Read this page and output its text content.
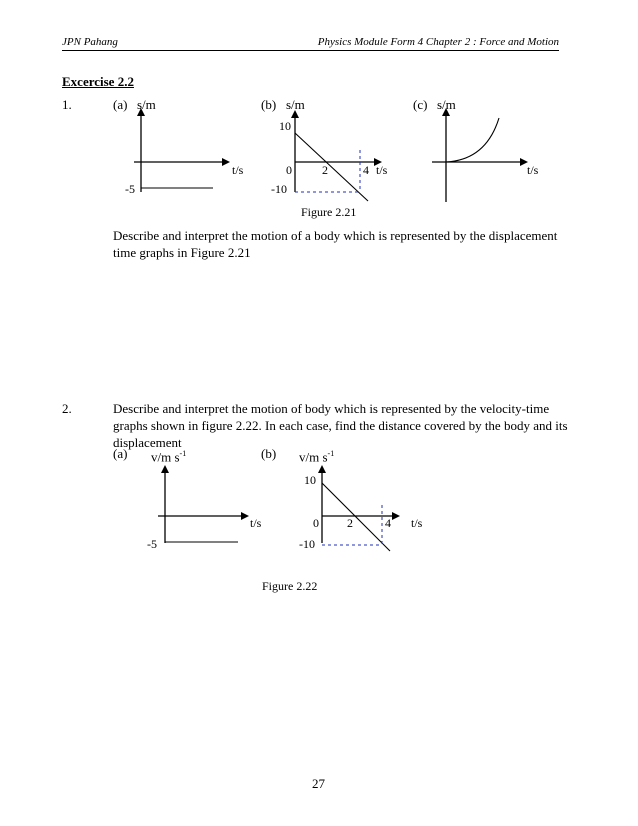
JPN Pahang	Physics Module Form 4 Chapter 2 : Force and Motion
Excercise 2.2
1.	(a) s/m	(b) s/m	(c) s/m
t/s
-5
10
0	2	4 t/s
-10
t/s
Figure 2.21
Describe and interpret the motion of a body which is represented by the displacement
time graphs in Figure 2.21
2.	Describe and interpret the motion of body which is represented by the velocity-time
graphs shown in figure 2.22. In each case, find the distance covered by the body and its
displacement
(a) v/m $s^{-1}$	(b) v/m $s^{-1}$
t/s
-5
10
0 2	4 t/s
-10
Figure 2.22
27
